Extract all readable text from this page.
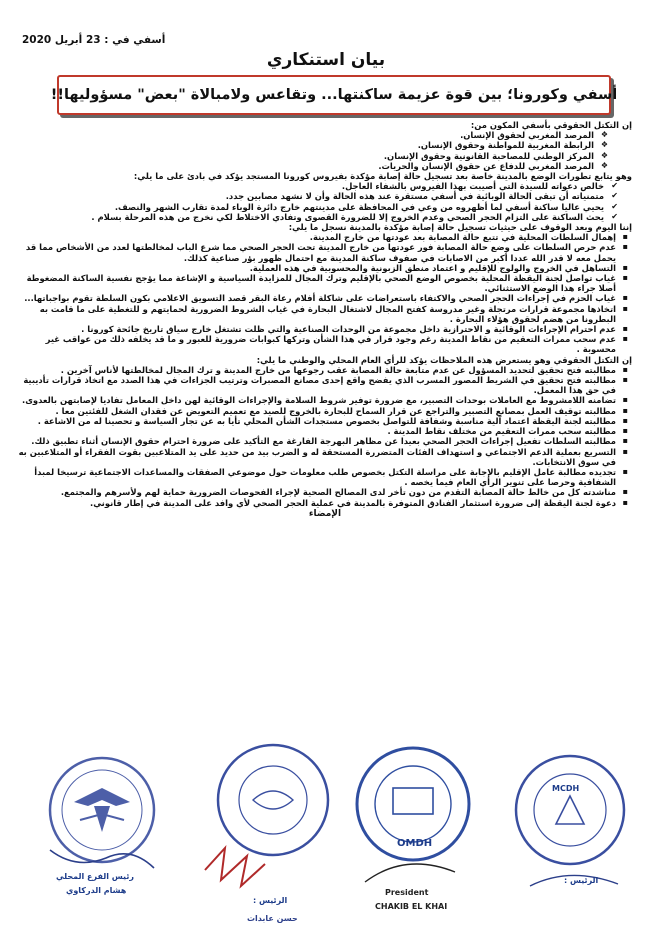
أسفي في : 23 أبريل 2020
بيان استنكاري
أسفي وكورونا؛ بين قوة عزيمة ساكنتها... وتقاعس ولامبالاة "بعض" مسؤوليها!!

إن التكتل الحقوقي بأسفي المكون من:

❖
المرصد المغربي لحقوق الإنسان.
❖
الرابطة المغربية للمواطنة وحقوق الإنسان.
❖
المركز الوطني للمصاحبة القانونية وحقوق الإنسان.
❖
المرصد المغربي للدفاع عن حقوق الإنسان والحريات.

وهو يتابع تطورات الوضع بالمدينة خاصة بعد تسجيل حالة إصابة مؤكدة بفيروس كورونا المستجد يؤكد في بادئ على ما يلي:

✔
خالص دعواته للسيدة التي أصيبت بهذا الفيروس بالشفاء العاجل.
✔
متمنياته أن تبقى الحالة الوبائية في أسفي مستقرة عند هذه الحالة وأن لا نشهد مصابين جدد.
✔
يحيي عاليا ساكنة أسفي لما أظهروه من وعي في المحافظة على مدينتهم خارج دائرة الوباء لمدة تقارب الشهر والنصف.
✔
يحث الساكنة على التزام الحجر الصحي وعدم الخروج إلا للضرورة القصوى وتفادي الاختلاط لكي نخرج من هذه المرحلة بسلام .

إننا اليوم وبعد الوقوف على حيثيات تسجيل حالة إصابة مؤكدة بالمدينة نسجل ما يلي:

▪
إهمال السلطات المحلية في تتبع حالة المصابة بعد عودتها من خارج المدينة.
▪
عدم حرص السلطات على وضع حالة المصابة فور عودتها من خارج المدينة تحت الحجر الصحي مما شرع الباب لمخالطتها لعدد من الأشخاص مما قد يحمل معه لا قدر الله عددا أكبر من الاصابات في صفوف ساكنة المدينة مع احتمال ظهور بؤر صناعية كذلك.
▪
التساهل في الخروج والولوج للإقليم و اعتماد منطق الزبونية والمحسوبية في هذه العملية.
▪
غياب تواصل لجنة اليقظة المحلية بخصوص الوضع الصحي بالإقليم وترك المجال للمزايدة السياسية و الإشاعة مما يؤجج نفسية الساكنة المضغوطة أصلا جراء هذا الوضع الاستثنائي.
▪
غياب الحزم في إجراءات الحجر الصحي والاكتفاء باستعراضات على شاكلة أفلام رعاة البقر قصد التسويق الاعلامي بكون السلطة تقوم بواجباتها...
▪
اتخاذها مجموعة قرارات مرتجلة وغير مدروسة كفتح المجال لاشتغال البحارة في غياب الشروط الضرورية لحمايتهم و للتغطية على ما قامت به البطرونا من هضم لحقوق هؤلاء البحارة .
▪
عدم احترام الإجراءات الوقائية و الاحترازية داخل مجموعة من الوحدات الصناعية والتي ظلت تشتغل خارج سياق تاريخ جائحة كورونا .
▪
عدم سحب ممرات التعقيم من نقاط المدينة رغم وجود قرار في هذا الشأن وتركها كبوابات ضرورية للعبور و ما قد يخلفه ذلك من عواقب غير محسوبة .

إن التكتل الحقوقي وهو يستعرض هذه الملاحظات يؤكد للرأي العام المحلي والوطني ما يلي:

▪
مطالبته فتح تحقيق لتحديد المسؤول عن عدم متابعة حالة المصابة عقب رجوعها من خارج المدينة و ترك المجال لمخالطتها لأناس آخرين .
▪
مطالبته فتح تحقيق في الشريط المصور المسرب الذي يفضح واقع إحدى مصانع المصبرات وترتيب الجزاءات في هذا الصدد مع اتخاذ قرارات تأديبية في حق هذا المعمل.
▪
تضامنه اللامشروط مع العاملات بوحدات التصبير، مع ضرورة توفير شروط السلامة والإجراءات الوقائية لهن داخل المعامل تفاديا لإصابتهن بالعدوى.
▪
مطالبته توقيف العمل بمصانع التصبير والتراجع عن قرار السماح للبحارة بالخروج للصيد مع تعميم التعويض عن فقدان الشغل للفئتين معا .
▪
مطالبته لجنة اليقظة اعتماد آلية مناسبة وشفافة للتواصل بخصوص مستجدات الشأن المحلي تأيا به عن تجار السياسة و تحصينا له من الاشاعة .
▪
مطالبته سحب ممرات التعقيم من مختلف نقاط المدينة .
▪
مطالبته السلطات تفعيل إجراءات الحجر الصحي بعيدا عن مظاهر البهرجة الفارغة مع التأكيد على ضرورة احترام حقوق الإنسان أثناء تطبيق ذلك.
▪
التسريع بعملية الدعم الاجتماعي و استهداف الفئات المتضررة المستحقة له و الضرب بيد من حديد على يد المتلاعبين بقوت الفقراء أو المتلاعبين به في سوق الانتخابات.
▪
تجديده مطالبة عامل الإقليم بالإجابة على مراسلة التكتل بخصوص طلب معلومات حول موضوعي الصفقات والمساعدات الاجتماعية ترسيخا لمبدأ الشفافية وحرصا على تنوير الرأي العام فيما يخصه .
▪
مناشدته كل من خالط حالة المصابة التقدم من دون تأخر لدى المصالح الصحية لإجراء الفحوصات الضرورية حماية لهم ولأسرهم والمجتمع.
▪
دعوة لجنة اليقظة إلى ضرورة استثمار الفنادق المتوفرة بالمدينة في عملية الحجر الصحي لأي وافد على المدينة في إطار قانوني.
الإمضاء
رئيس الفرع المحلي
هشام الدركاوي
الرئيس :
حسن عابدات
OMDH
President
CHAKIB EL KHAI
MCDH
الرئيس :
